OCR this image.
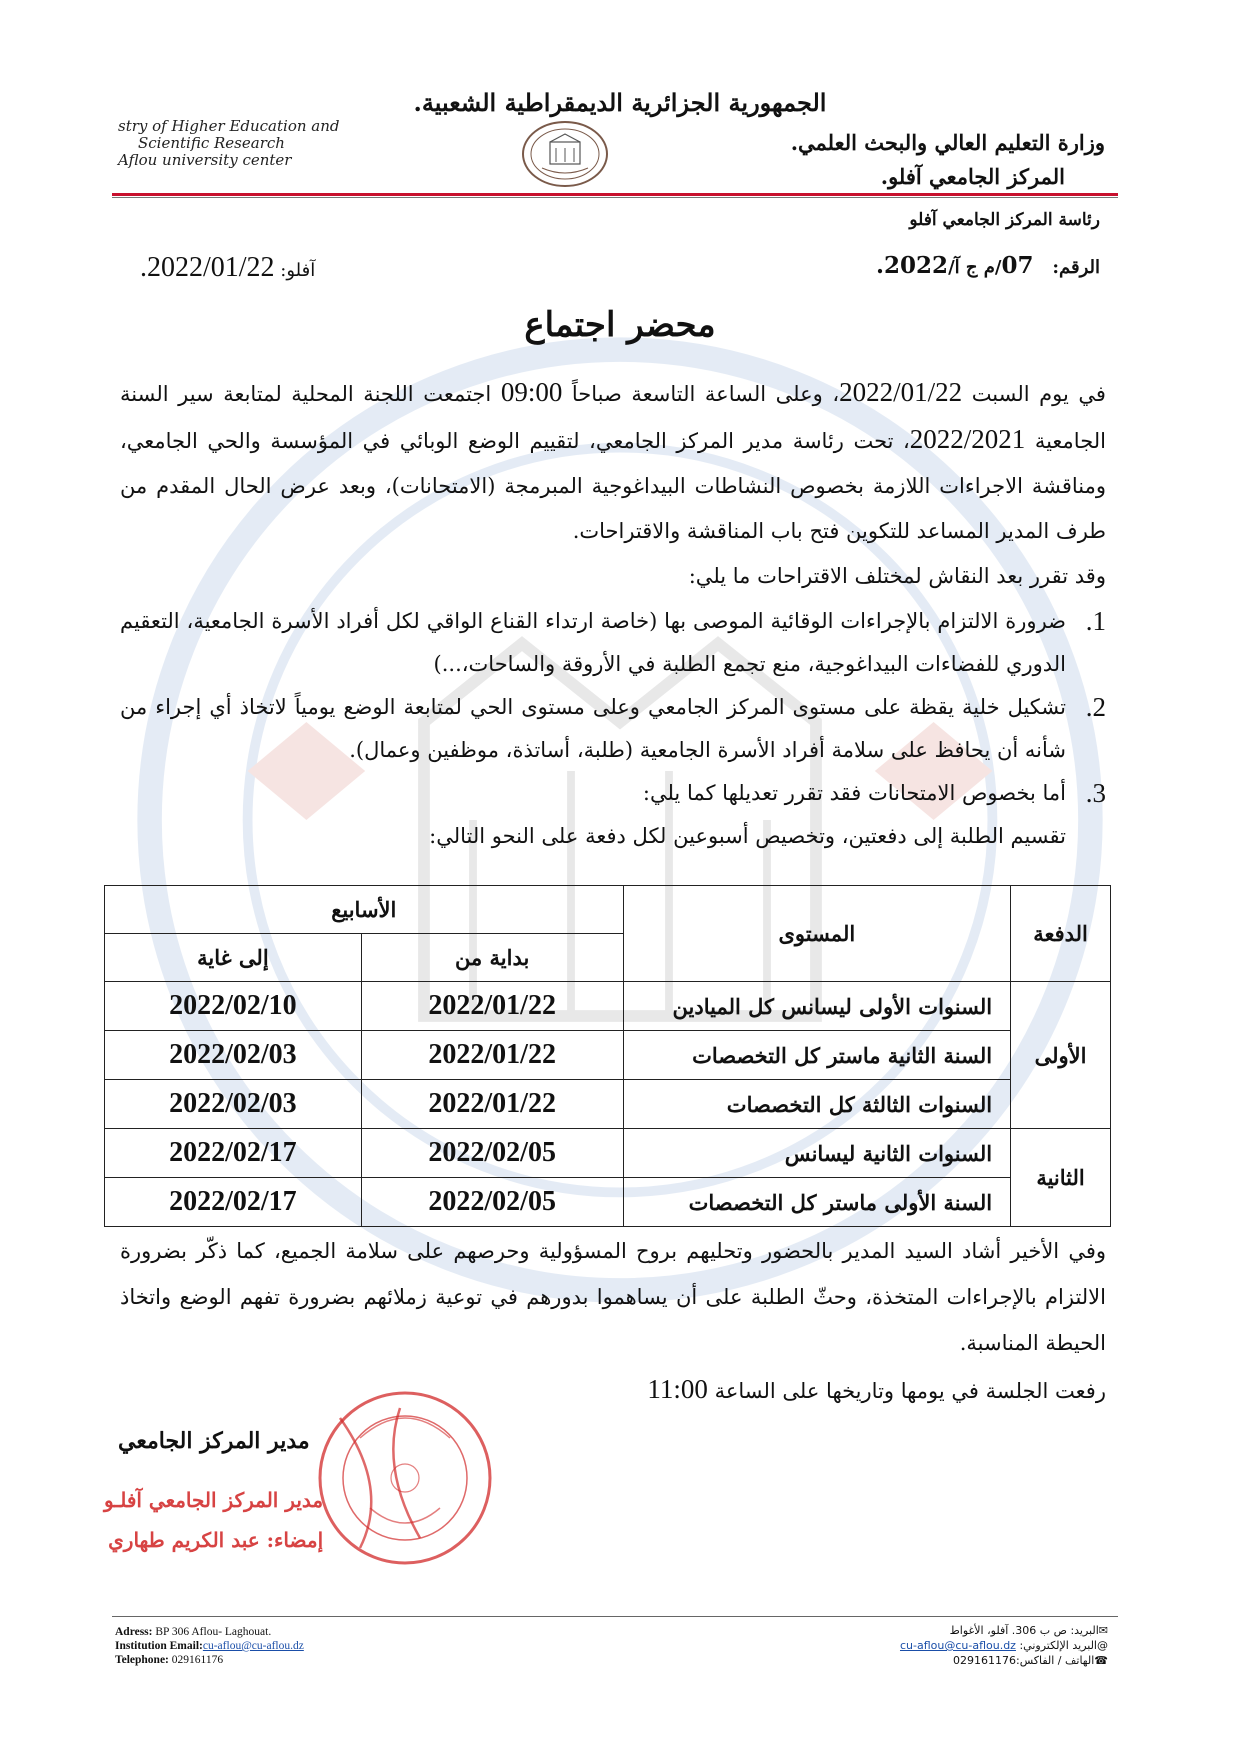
الجمهورية الجزائرية الديمقراطية الشعبية.
stry of Higher Education and
Scientific Research
Aflou university center
وزارة التعليم العالي والبحث العلمي.
المركز الجامعي آفلو.
رئاسة المركز الجامعي آفلو
الرقم:   07/م ج آ/2022.
آفلو: 2022/01/22.
محضر اجتماع
في يوم السبت 2022/01/22، وعلى الساعة التاسعة صباحاً 09:00 اجتمعت اللجنة المحلية لمتابعة سير السنة الجامعية 2022/2021، تحت رئاسة مدير المركز الجامعي، لتقييم الوضع الوبائي في المؤسسة والحي الجامعي، ومناقشة الاجراءات اللازمة بخصوص النشاطات البيداغوجية المبرمجة (الامتحانات)، وبعد عرض الحال المقدم من طرف المدير المساعد للتكوين فتح باب المناقشة والاقتراحات.
وقد تقرر بعد النقاش لمختلف الاقتراحات ما يلي:
1.
ضرورة الالتزام بالإجراءات الوقائية الموصى بها (خاصة ارتداء القناع الواقي لكل أفراد الأسرة الجامعية، التعقيم الدوري للفضاءات البيداغوجية، منع تجمع الطلبة في الأروقة والساحات،...)
2.
تشكيل خلية يقظة على مستوى المركز الجامعي وعلى مستوى الحي لمتابعة الوضع يومياً لاتخاذ أي إجراء من شأنه أن يحافظ على سلامة أفراد الأسرة الجامعية (طلبة، أساتذة، موظفين وعمال).
3.
أما بخصوص الامتحانات فقد تقرر تعديلها كما يلي:
تقسيم الطلبة إلى دفعتين، وتخصيص أسبوعين لكل دفعة على النحو التالي:
الدفعة	المستوى	الأسابيع	
		بداية من	إلى غاية
الأولى	السنوات الأولى ليسانس كل الميادين	2022/01/22	2022/02/10
	السنة الثانية ماستر كل التخصصات	2022/01/22	2022/02/03
	السنوات الثالثة كل التخصصات	2022/01/22	2022/02/03
الثانية	السنوات الثانية ليسانس	2022/02/05	2022/02/17
	السنة الأولى ماستر كل التخصصات	2022/02/05	2022/02/17
وفي الأخير أشاد السيد المدير بالحضور وتحليهم بروح المسؤولية وحرصهم على سلامة الجميع، كما ذكّر بضرورة الالتزام بالإجراءات المتخذة، وحثّ الطلبة على أن يساهموا بدورهم في توعية زملائهم بضرورة تفهم الوضع واتخاذ الحيطة المناسبة.
رفعت الجلسة في يومها وتاريخها على الساعة 11:00
مدير المركز الجامعي
مدير المركز الجامعي آفلـو
إمضاء: عبد الكريم طهاري
Adress: BP 306 Aflou- Laghouat.
Institution Email:cu-aflou@cu-aflou.dz
Telephone: 029161176
✉البريد: ص ب 306. آفلو، الأغواط
@البريد الإلكتروني: cu-aflou@cu-aflou.dz
☎الهاتف / الفاكس:029161176
